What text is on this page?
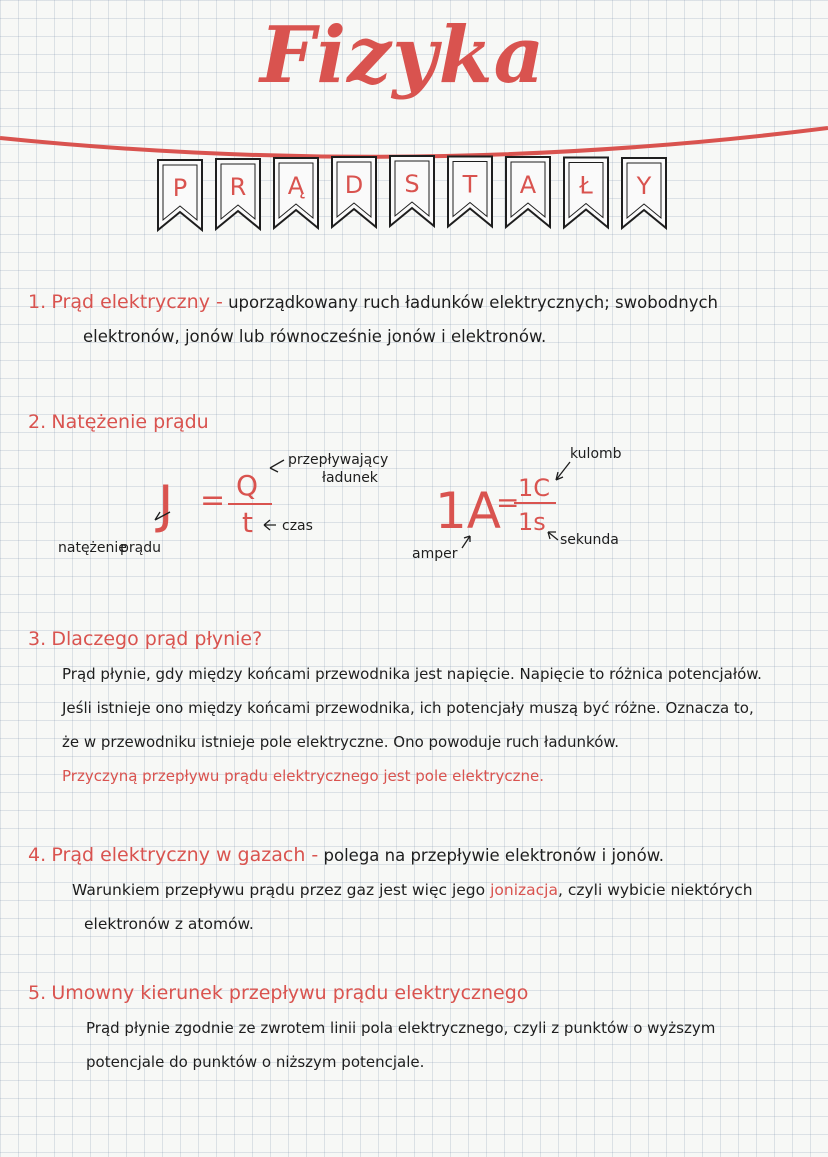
Fizyka
P R Ą D S T A Ł Y
1. Prąd elektryczny - uporządkowany ruch ładunków elektrycznych; swobodnych
elektronów, jonów lub równocześnie jonów i elektronów.
2. Natężenie prądu
J = Q
t	1A
=
1C
1s
przepływający
ładunek
czas
natężenie
prądu
kulomb
amper
sekunda
3. Dlaczego prąd płynie?
Prąd płynie, gdy między końcami przewodnika jest napięcie. Napięcie to różnica potencjałów.
Jeśli istnieje ono między końcami przewodnika, ich potencjały muszą być różne. Oznacza to,
że w przewodniku istnieje pole elektryczne. Ono powoduje ruch ładunków.
Przyczyną przepływu prądu elektrycznego jest pole elektryczne.
4. Prąd elektryczny w gazach - polega na przepływie elektronów i jonów.
Warunkiem przepływu prądu przez gaz jest więc jego jonizacja, czyli wybicie niektórych
elektronów z atomów.
5. Umowny kierunek przepływu prądu elektrycznego
Prąd płynie zgodnie ze zwrotem linii pola elektrycznego, czyli z punktów o wyższym
potencjale do punktów o niższym potencjale.
